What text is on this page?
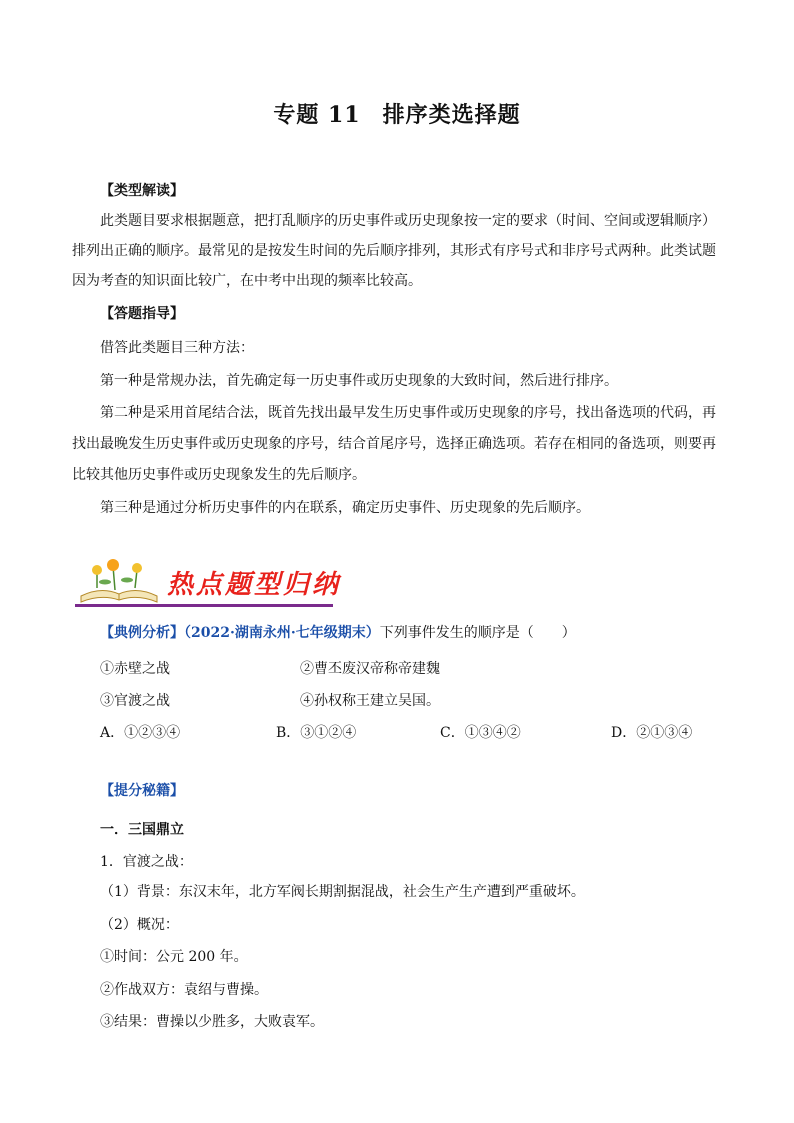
专题 11 排序类选择题
【类型解读】
此类题目要求根据题意，把打乱顺序的历史事件或历史现象按一定的要求（时间、空间或逻辑顺序）
排列出正确的顺序。最常见的是按发生时间的先后顺序排列，其形式有序号式和非序号式两种。此类试题
因为考查的知识面比较广，在中考中出现的频率比较高。
【答题指导】
借答此类题目三种方法：
第一种是常规办法，首先确定每一历史事件或历史现象的大致时间，然后进行排序。
第二种是采用首尾结合法，既首先找出最早发生历史事件或历史现象的序号，找出备选项的代码，再
找出最晚发生历史事件或历史现象的序号，结合首尾序号，选择正确选项。若存在相同的备选项，则要再
比较其他历史事件或历史现象发生的先后顺序。
第三种是通过分析历史事件的内在联系，确定历史事件、历史现象的先后顺序。
热点题型归纳
【典例分析】（2022·湖南永州·七年级期末）下列事件发生的顺序是（　　）
①赤壁之战	②曹丕废汉帝称帝建魏
③官渡之战	④孙权称王建立吴国。
A．①②③④	B．③①②④	C．①③④②	D．②①③④
【提分秘籍】
一．三国鼎立
1．官渡之战：
（1）背景：东汉末年，北方军阀长期割据混战，社会生产生产遭到严重破坏。
（2）概况：
①时间：公元 200 年。
②作战双方：袁绍与曹操。
③结果：曹操以少胜多，大败袁军。
